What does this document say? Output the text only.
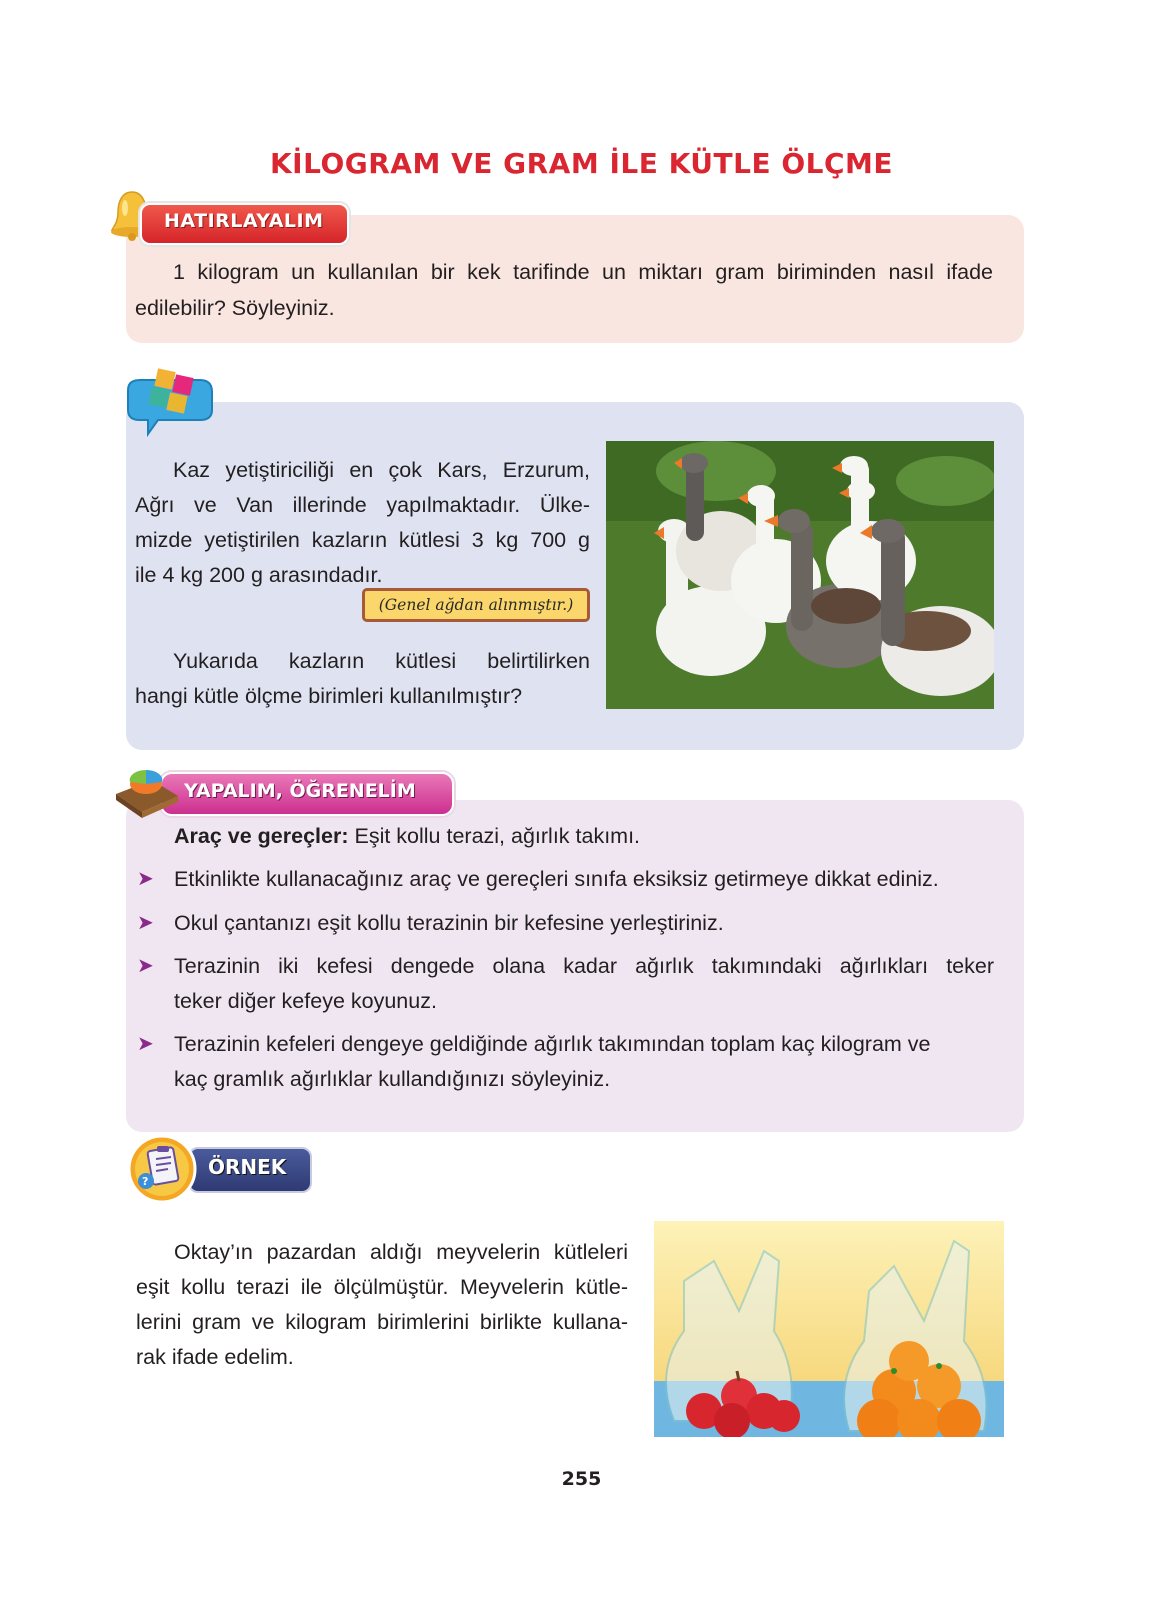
KİLOGRAM VE GRAM İLE KÜTLE ÖLÇME
HATIRLAYALIM

1 kilogram un kullanılan bir kek tarifinde un miktarı gram biriminden nasıl ifade

edilebilir? Söyleyiniz.

Kaz yetiştiriciliği en çok Kars, Erzurum,

Ağrı ve Van illerinde yapılmaktadır. Ülke-

mizde yetiştirilen kazların kütlesi 3 kg 700 g

ile 4 kg 200 g arasındadır.

(Genel ağdan alınmıştır.)

Yukarıda kazların kütlesi belirtilirken

hangi kütle ölçme birimleri kullanılmıştır?

YAPALIM, ÖĞRENELİM

Araç ve gereçler: Eşit kollu terazi, ağırlık takımı.

➤ Etkinlikte kullanacağınız araç ve gereçleri sınıfa eksiksiz getirmeye dikkat ediniz.

➤ Okul çantanızı eşit kollu terazinin bir kefesine yerleştiriniz.

➤ Terazinin iki kefesi dengede olana kadar ağırlık takımındaki ağırlıkları teker

teker diğer kefeye koyunuz.

➤ Terazinin kefeleri dengeye geldiğinde ağırlık takımından toplam kaç kilogram ve

kaç gramlık ağırlıklar kullandığınızı söyleyiniz.

ÖRNEK
?

Oktay’ın pazardan aldığı meyvelerin kütleleri

eşit kollu terazi ile ölçülmüştür. Meyvelerin kütle-

lerini gram ve kilogram birimlerini birlikte kullana-

rak ifade edelim.

255
